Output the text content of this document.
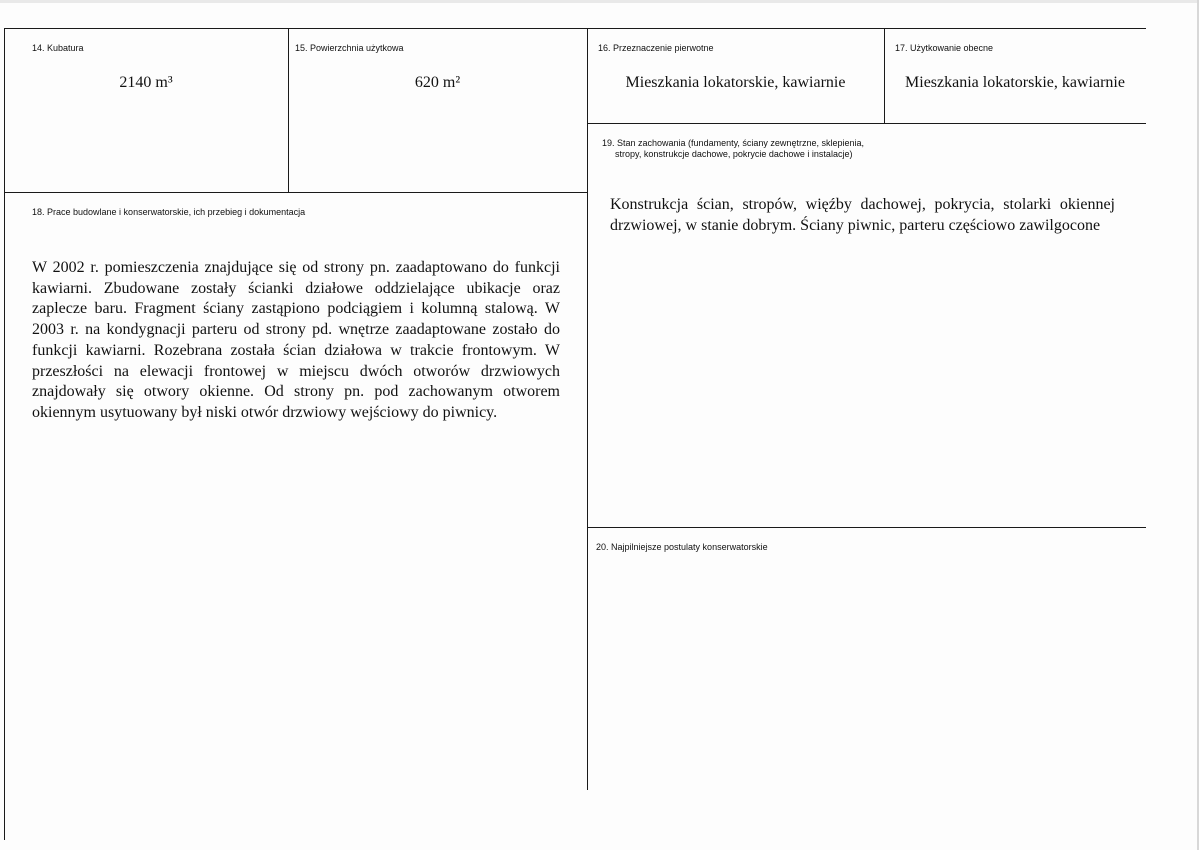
14. Kubatura
2140 m³
15. Powierzchnia użytkowa
620 m²
16. Przeznaczenie pierwotne
Mieszkania lokatorskie, kawiarnie
17. Użytkowanie obecne
Mieszkania lokatorskie, kawiarnie
19. Stan zachowania (fundamenty, ściany zewnętrzne, sklepienia,
stropy, konstrukcje dachowe, pokrycie dachowe i instalacje)
Konstrukcja ścian, stropów, więźby dachowej, pokrycia, stolarki okiennej drzwiowej, w stanie dobrym. Ściany piwnic, parteru częściowo zawilgocone
18. Prace budowlane i konserwatorskie, ich przebieg i dokumentacja
W 2002 r. pomieszczenia znajdujące się od strony pn. zaadaptowano do funkcji kawiarni. Zbudowane zostały ścianki działowe oddzielające ubikacje oraz zaplecze baru. Fragment ściany zastąpiono podciągiem i kolumną stalową. W 2003 r. na kondygnacji parteru od strony pd. wnętrze zaadaptowane zostało do funkcji kawiarni. Rozebrana została ścian działowa w trakcie frontowym. W przeszłości na elewacji frontowej w miejscu dwóch otworów drzwiowych znajdowały się otwory okienne. Od strony pn. pod zachowanym otworem okiennym usytuowany był niski otwór drzwiowy wejściowy do piwnicy.
20. Najpilniejsze postulaty konserwatorskie
